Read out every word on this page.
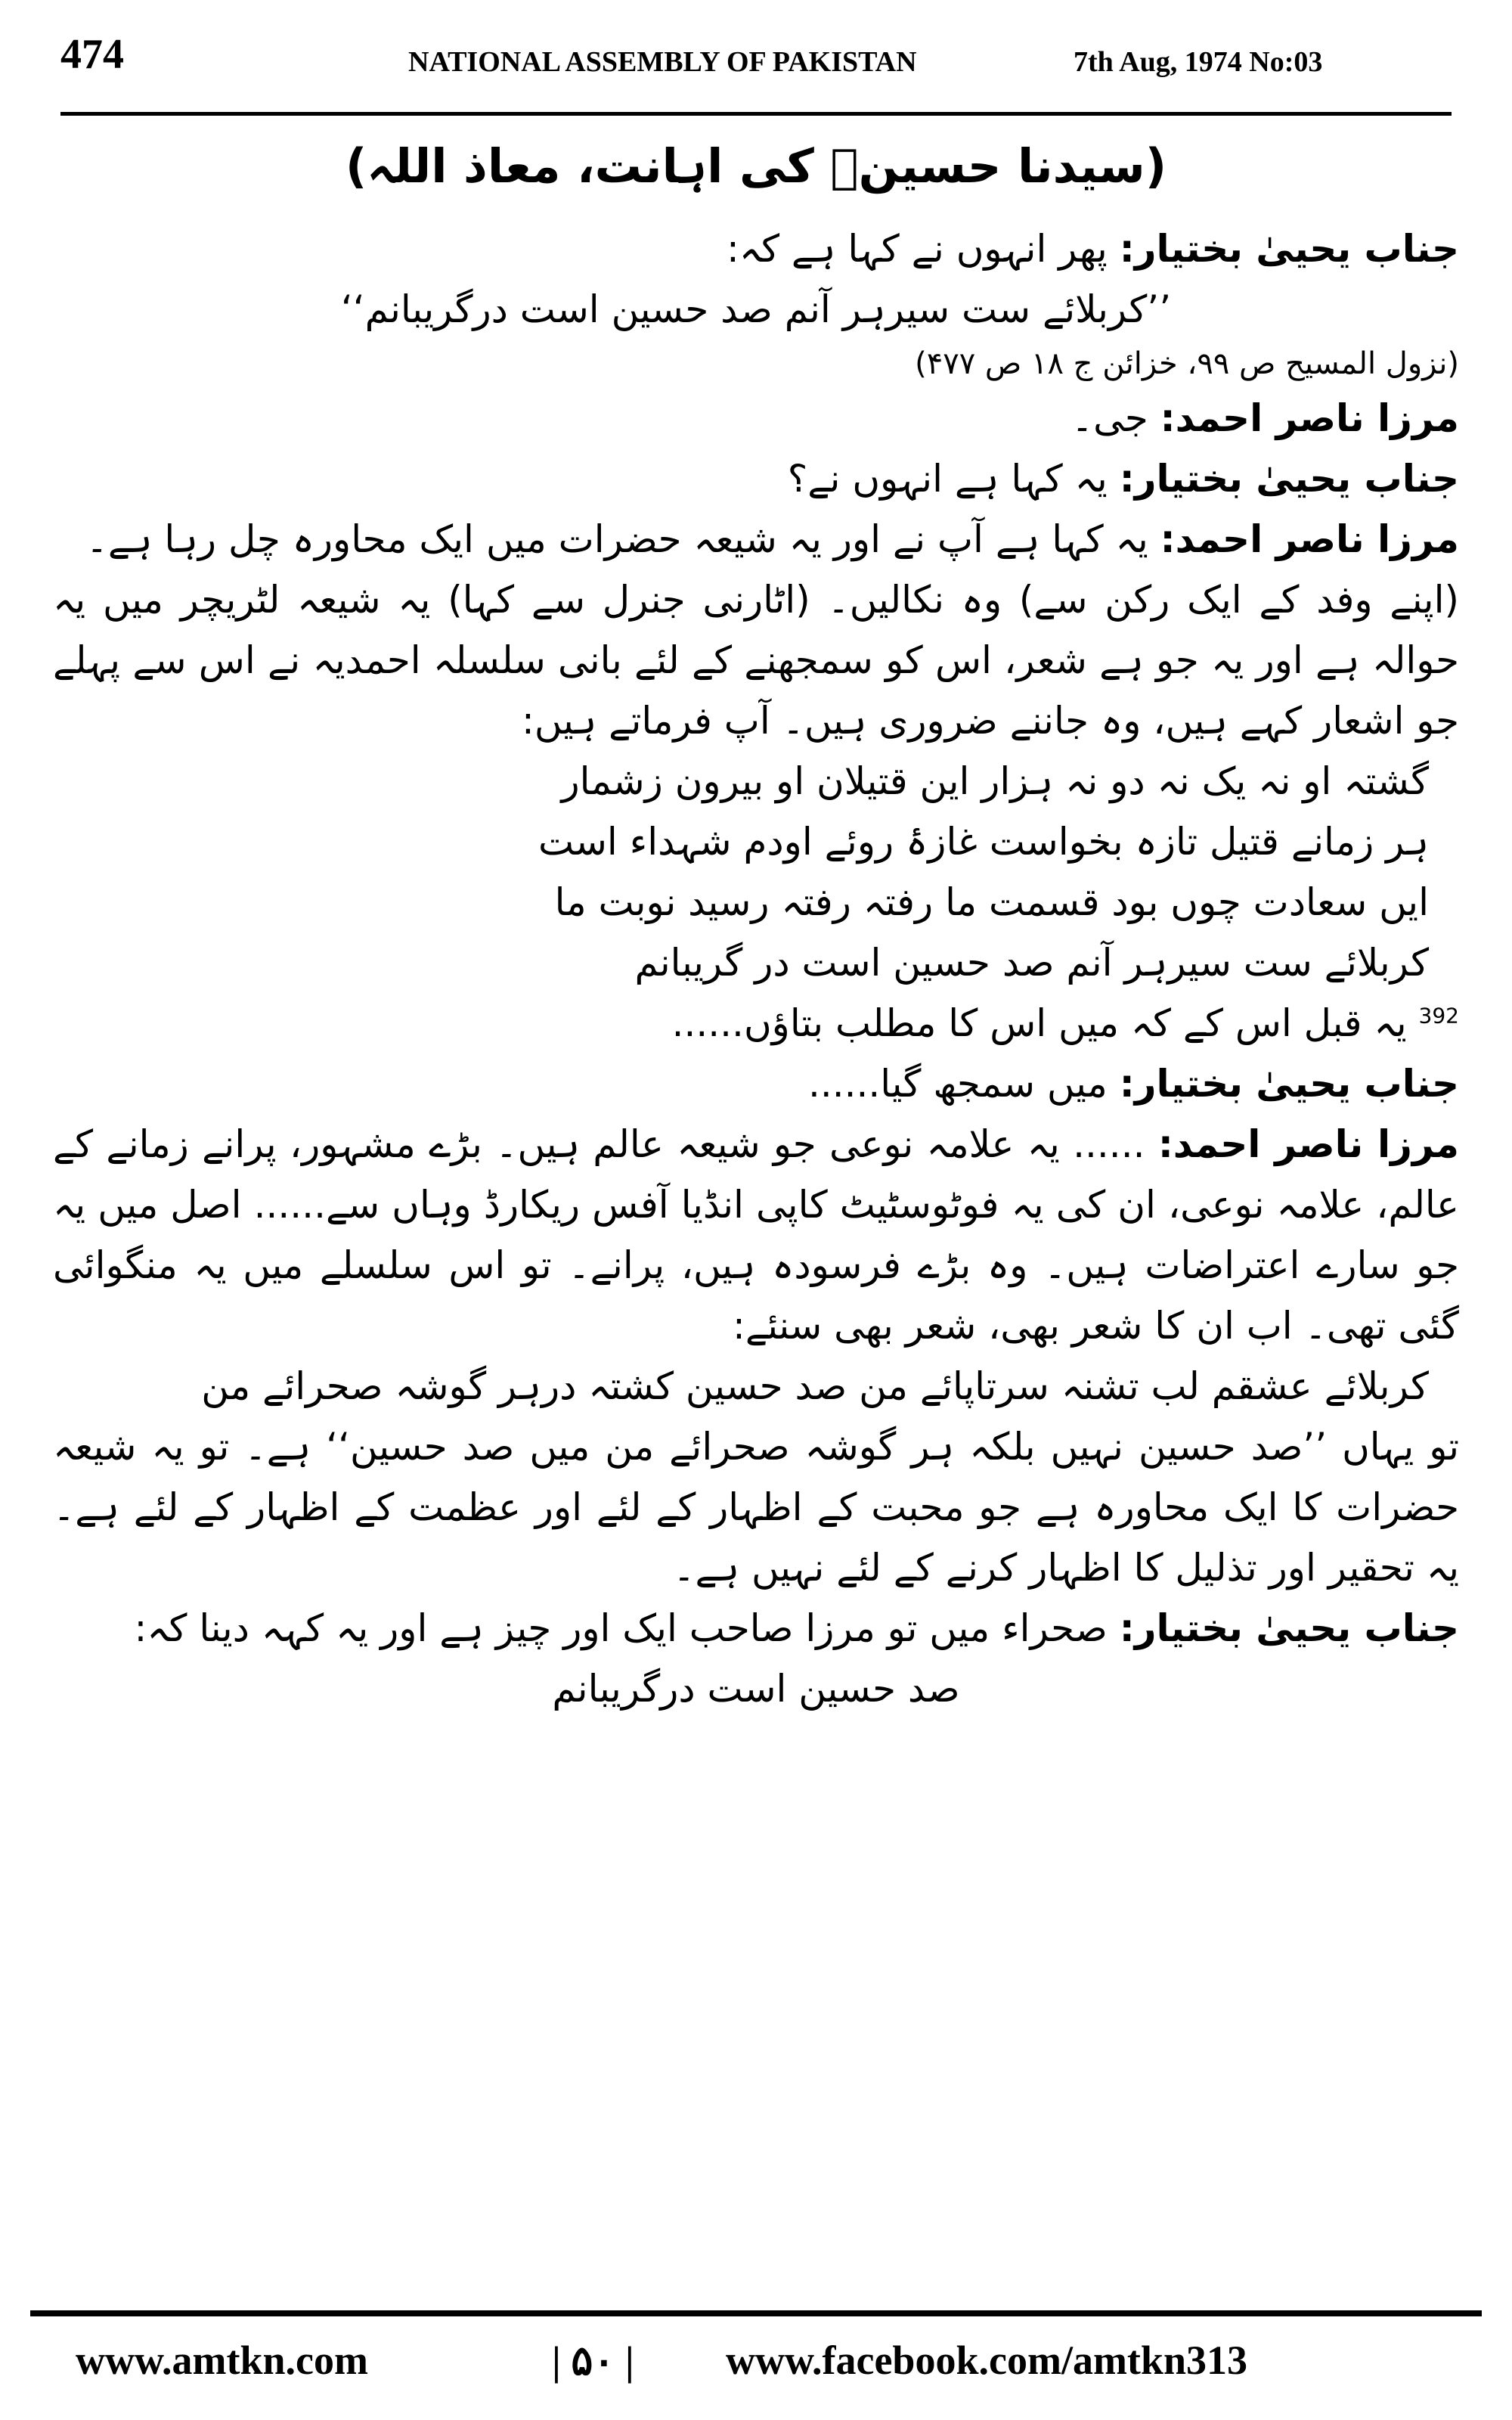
474	NATIONAL ASSEMBLY OF PAKISTAN	7th Aug, 1974 No:03
(سیدنا حسینؓ کی اہانت، معاذ اللہ)

جناب یحییٰ بختیار: پھر انہوں نے کہا ہے کہ:

’’کربلائے ست سیرہر آنم صد حسین است درگریبانم‘‘
(نزول المسیح ص ۹۹، خزائن ج ۱۸ ص ۴۷۷)

مرزا ناصر احمد: جی۔

جناب یحییٰ بختیار: یہ کہا ہے انہوں نے؟

مرزا ناصر احمد: یہ کہا ہے آپ نے اور یہ شیعہ حضرات میں ایک محاورہ چل رہا ہے۔

(اپنے وفد کے ایک رکن سے) وہ نکالیں۔ (اٹارنی جنرل سے کہا) یہ شیعہ لٹریچر میں یہ حوالہ ہے اور یہ جو ہے شعر، اس کو سمجھنے کے لئے بانی سلسلہ احمدیہ نے اس سے پہلے جو اشعار کہے ہیں، وہ جاننے ضروری ہیں۔ آپ فرماتے ہیں:

گشتہ او نہ یک نہ دو نہ ہزار این قتیلان او بیرون زشمار
ہر زمانے قتیل تازہ بخواست غازۂ روئے اودم شہداء است
ایں سعادت چوں بود قسمت ما رفتہ رفتہ رسید نوبت ما
کربلائے ست سیرہر آنم صد حسین است در گریبانم

$^{392}$ یہ قبل اس کے کہ میں اس کا مطلب بتاؤں......

جناب یحییٰ بختیار: میں سمجھ گیا......

مرزا ناصر احمد: ...... یہ علامہ نوعی جو شیعہ عالم ہیں۔ بڑے مشہور، پرانے زمانے کے عالم، علامہ نوعی، ان کی یہ فوٹوسٹیٹ کاپی انڈیا آفس ریکارڈ وہاں سے...... اصل میں یہ جو سارے اعتراضات ہیں۔ وہ بڑے فرسودہ ہیں، پرانے۔ تو اس سلسلے میں یہ منگوائی گئی تھی۔ اب ان کا شعر بھی، شعر بھی سنئے:

کربلائے عشقم لب تشنہ سرتاپائے من صد حسین کشتہ درہر گوشہ صحرائے من

تو یہاں ’’صد حسین نہیں بلکہ ہر گوشہ صحرائے من میں صد حسین‘‘ ہے۔ تو یہ شیعہ حضرات کا ایک محاورہ ہے جو محبت کے اظہار کے لئے اور عظمت کے اظہار کے لئے ہے۔ یہ تحقیر اور تذلیل کا اظہار کرنے کے لئے نہیں ہے۔

جناب یحییٰ بختیار: صحراء میں تو مرزا صاحب ایک اور چیز ہے اور یہ کہہ دینا کہ:

صد حسین است درگریبانم
www.amtkn.com	| ۵۰ | www.facebook.com/amtkn313
